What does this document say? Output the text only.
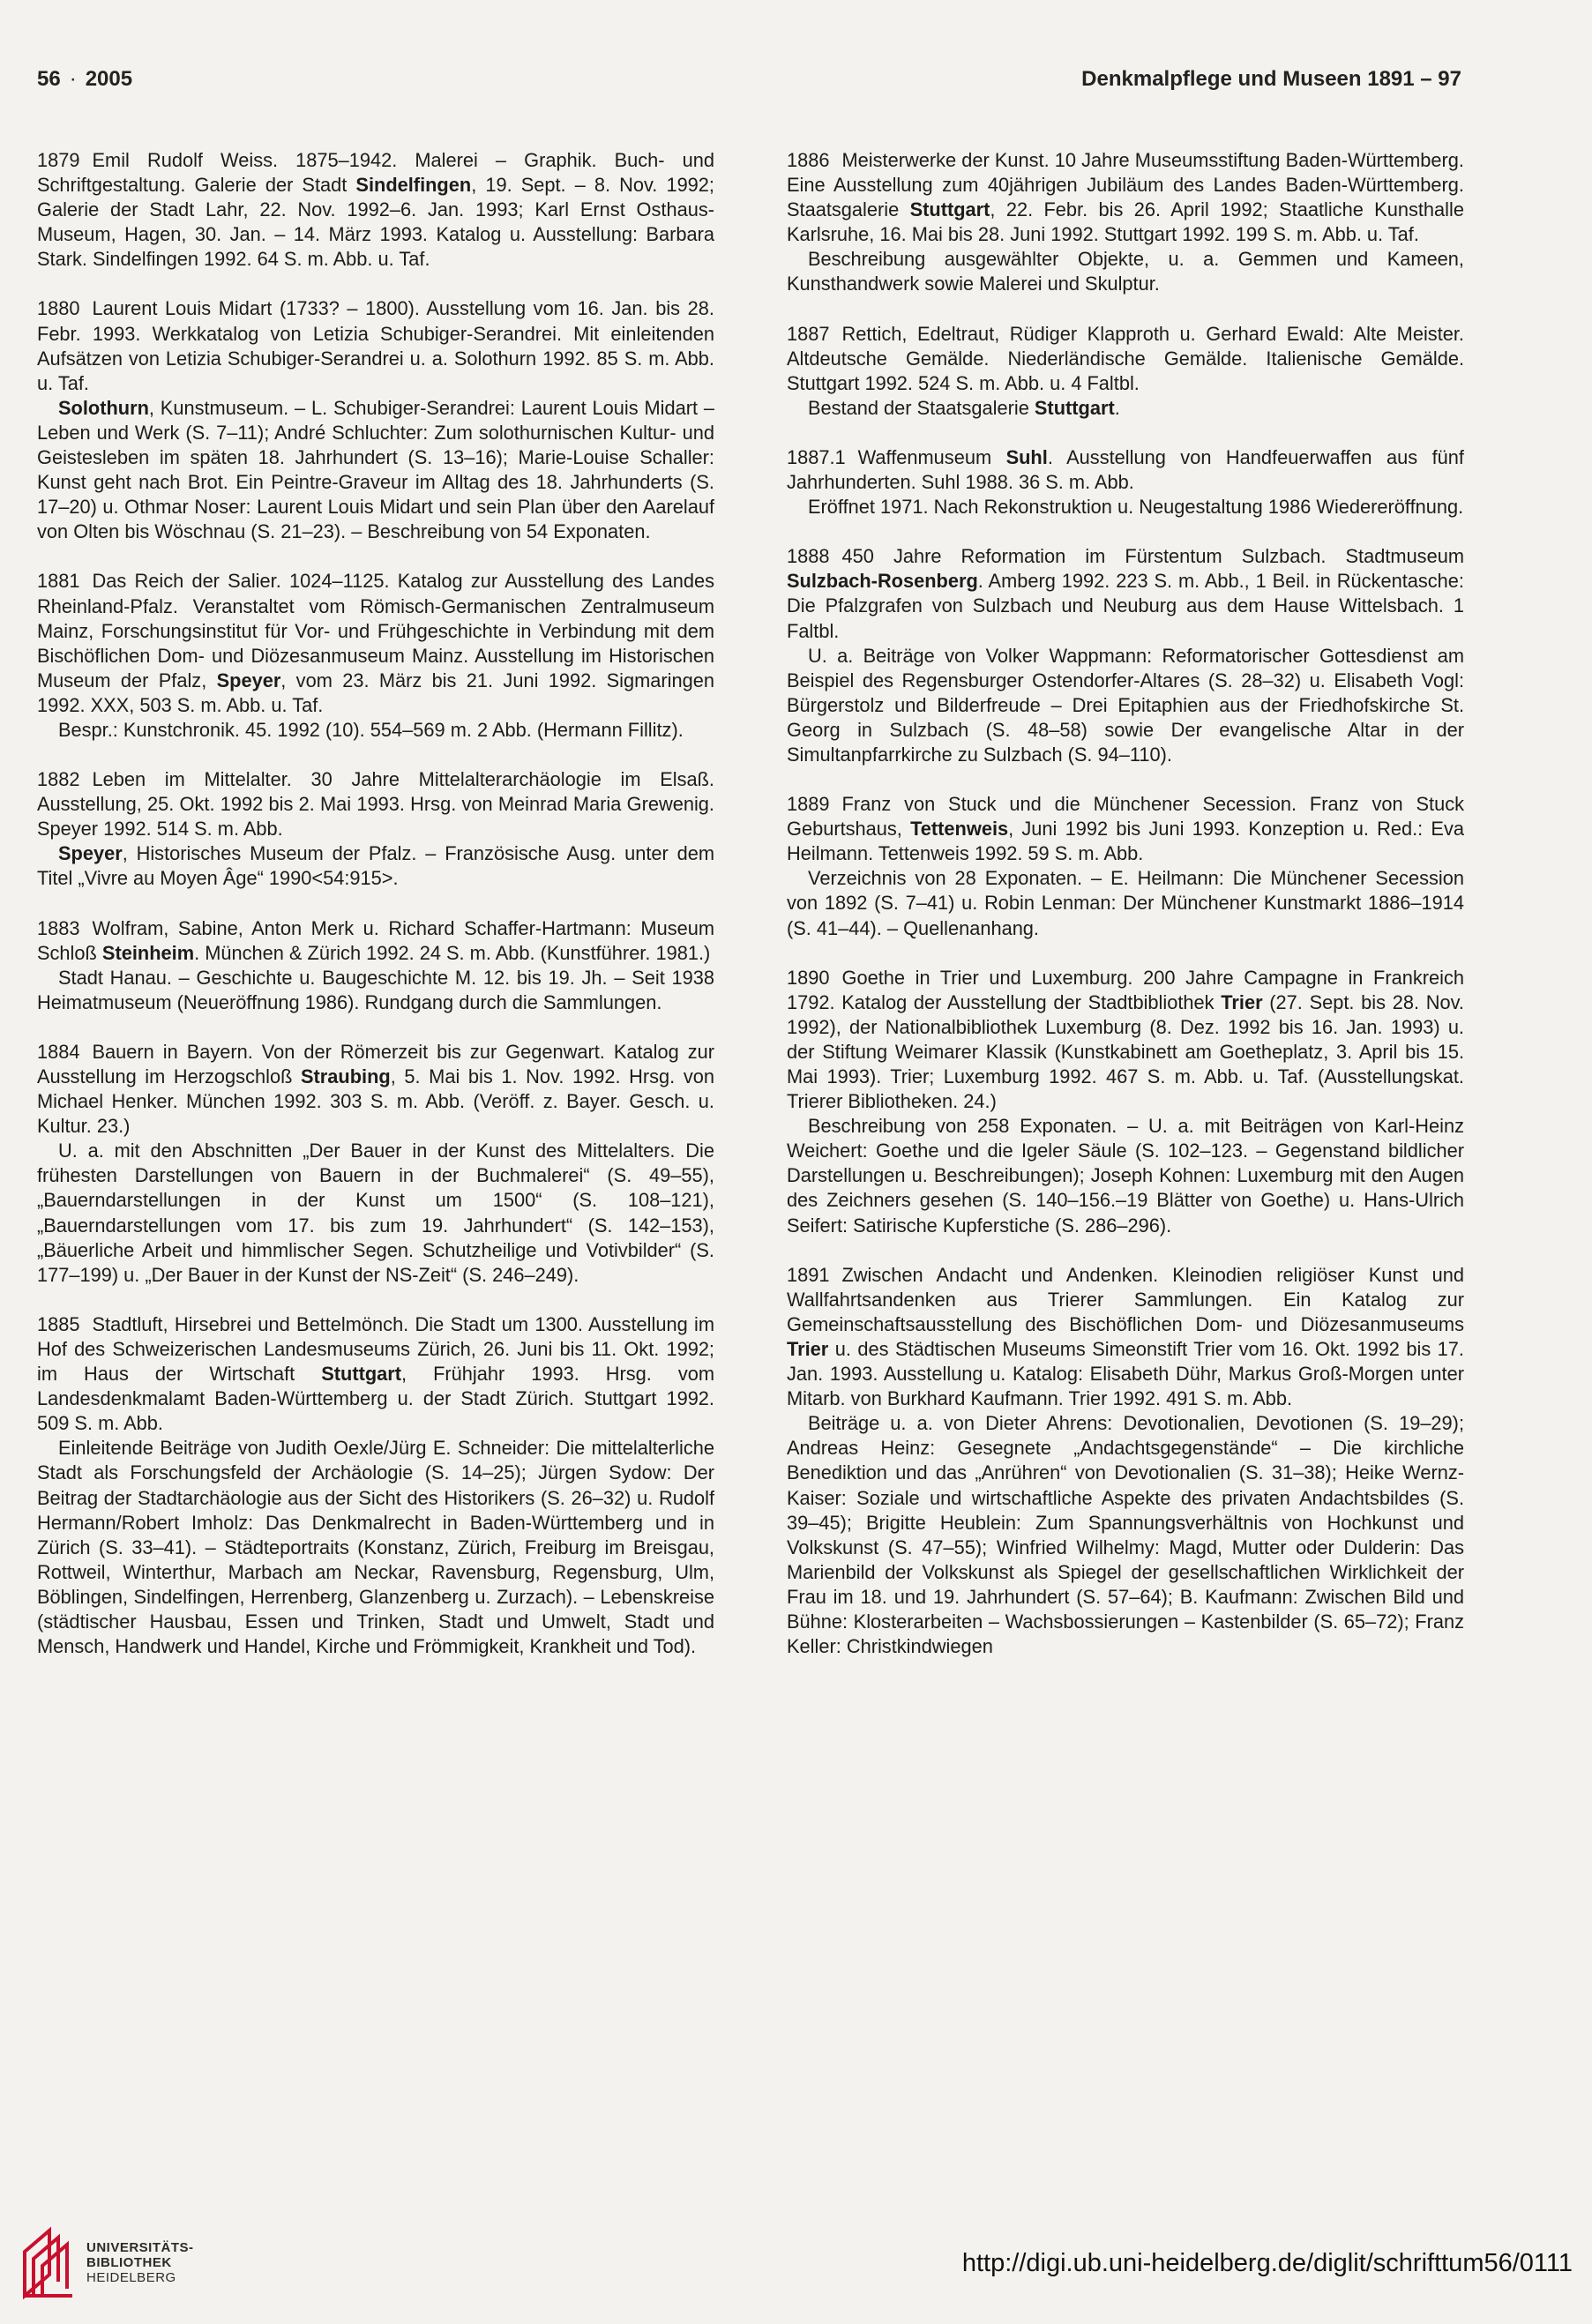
56 · 2005	Denkmalpflege und Museen 1891 – 97

1879 Emil Rudolf Weiss. 1875–1942. Malerei – Graphik. Buch- und Schriftgestaltung. Galerie der Stadt Sindelfingen, 19. Sept. – 8. Nov. 1992; Galerie der Stadt Lahr, 22. Nov. 1992–6. Jan. 1993; Karl Ernst Osthaus-Museum, Hagen, 30. Jan. – 14. März 1993. Katalog u. Ausstellung: Barbara Stark. Sindelfingen 1992. 64 S. m. Abb. u. Taf.

1880 Laurent Louis Midart (1733? – 1800). Ausstellung vom 16. Jan. bis 28. Febr. 1993. Werkkatalog von Letizia Schubiger-Serandrei. Mit einleitenden Aufsätzen von Letizia Schubiger-Serandrei u. a. Solothurn 1992. 85 S. m. Abb. u. Taf.

Solothurn, Kunstmuseum. – L. Schubiger-Serandrei: Laurent Louis Midart – Leben und Werk (S. 7–11); André Schluchter: Zum solothurnischen Kultur- und Geistesleben im späten 18. Jahrhundert (S. 13–16); Marie-Louise Schaller: Kunst geht nach Brot. Ein Peintre-Graveur im Alltag des 18. Jahrhunderts (S. 17–20) u. Othmar Noser: Laurent Louis Midart und sein Plan über den Aarelauf von Olten bis Wöschnau (S. 21–23). – Beschreibung von 54 Exponaten.

1881 Das Reich der Salier. 1024–1125. Katalog zur Ausstellung des Landes Rheinland-Pfalz. Veranstaltet vom Römisch-Germanischen Zentralmuseum Mainz, Forschungsinstitut für Vor- und Frühgeschichte in Verbindung mit dem Bischöflichen Dom- und Diözesanmuseum Mainz. Ausstellung im Historischen Museum der Pfalz, Speyer, vom 23. März bis 21. Juni 1992. Sigmaringen 1992. XXX, 503 S. m. Abb. u. Taf.

Bespr.: Kunstchronik. 45. 1992 (10). 554–569 m. 2 Abb. (Hermann Fillitz).

1882 Leben im Mittelalter. 30 Jahre Mittelalterarchäologie im Elsaß. Ausstellung, 25. Okt. 1992 bis 2. Mai 1993. Hrsg. von Meinrad Maria Grewenig. Speyer 1992. 514 S. m. Abb.

Speyer, Historisches Museum der Pfalz. – Französische Ausg. unter dem Titel „Vivre au Moyen Âge“ 1990<54:915>.

1883 Wolfram, Sabine, Anton Merk u. Richard Schaffer-Hartmann: Museum Schloß Steinheim. München & Zürich 1992. 24 S. m. Abb. (Kunstführer. 1981.)

Stadt Hanau. – Geschichte u. Baugeschichte M. 12. bis 19. Jh. – Seit 1938 Heimatmuseum (Neueröffnung 1986). Rundgang durch die Sammlungen.

1884 Bauern in Bayern. Von der Römerzeit bis zur Gegenwart. Katalog zur Ausstellung im Herzogschloß Straubing, 5. Mai bis 1. Nov. 1992. Hrsg. von Michael Henker. München 1992. 303 S. m. Abb. (Veröff. z. Bayer. Gesch. u. Kultur. 23.)

U. a. mit den Abschnitten „Der Bauer in der Kunst des Mittelalters. Die frühesten Darstellungen von Bauern in der Buchmalerei“ (S. 49–55), „Bauerndarstellungen in der Kunst um 1500“ (S. 108–121), „Bauerndarstellungen vom 17. bis zum 19. Jahrhundert“ (S. 142–153), „Bäuerliche Arbeit und himmlischer Segen. Schutzheilige und Votivbilder“ (S. 177–199) u. „Der Bauer in der Kunst der NS-Zeit“ (S. 246–249).

1885 Stadtluft, Hirsebrei und Bettelmönch. Die Stadt um 1300. Ausstellung im Hof des Schweizerischen Landesmuseums Zürich, 26. Juni bis 11. Okt. 1992; im Haus der Wirtschaft Stuttgart, Frühjahr 1993. Hrsg. vom Landesdenkmalamt Baden-Württemberg u. der Stadt Zürich. Stuttgart 1992. 509 S. m. Abb.

Einleitende Beiträge von Judith Oexle/Jürg E. Schneider: Die mittelalterliche Stadt als Forschungsfeld der Archäologie (S. 14–25); Jürgen Sydow: Der Beitrag der Stadtarchäologie aus der Sicht des Historikers (S. 26–32) u. Rudolf Hermann/Robert Imholz: Das Denkmalrecht in Baden-Württemberg und in Zürich (S. 33–41). – Städteportraits (Konstanz, Zürich, Freiburg im Breisgau, Rottweil, Winterthur, Marbach am Neckar, Ravensburg, Regensburg, Ulm, Böblingen, Sindelfingen, Herrenberg, Glanzenberg u. Zurzach). – Lebenskreise (städtischer Hausbau, Essen und Trinken, Stadt und Umwelt, Stadt und Mensch, Handwerk und Handel, Kirche und Frömmigkeit, Krankheit und Tod).

1886 Meisterwerke der Kunst. 10 Jahre Museumsstiftung Baden-Württemberg. Eine Ausstellung zum 40jährigen Jubiläum des Landes Baden-Württemberg. Staatsgalerie Stuttgart, 22. Febr. bis 26. April 1992; Staatliche Kunsthalle Karlsruhe, 16. Mai bis 28. Juni 1992. Stuttgart 1992. 199 S. m. Abb. u. Taf.

Beschreibung ausgewählter Objekte, u. a. Gemmen und Kameen, Kunsthandwerk sowie Malerei und Skulptur.

1887 Rettich, Edeltraut, Rüdiger Klapproth u. Gerhard Ewald: Alte Meister. Altdeutsche Gemälde. Niederländische Gemälde. Italienische Gemälde. Stuttgart 1992. 524 S. m. Abb. u. 4 Faltbl.

Bestand der Staatsgalerie Stuttgart.

1887.1 Waffenmuseum Suhl. Ausstellung von Handfeuerwaffen aus fünf Jahrhunderten. Suhl 1988. 36 S. m. Abb.

Eröffnet 1971. Nach Rekonstruktion u. Neugestaltung 1986 Wiedereröffnung.

1888 450 Jahre Reformation im Fürstentum Sulzbach. Stadtmuseum Sulzbach-Rosenberg. Amberg 1992. 223 S. m. Abb., 1 Beil. in Rückentasche: Die Pfalzgrafen von Sulzbach und Neuburg aus dem Hause Wittelsbach. 1 Faltbl.

U. a. Beiträge von Volker Wappmann: Reformatorischer Gottesdienst am Beispiel des Regensburger Ostendorfer-Altares (S. 28–32) u. Elisabeth Vogl: Bürgerstolz und Bilderfreude – Drei Epitaphien aus der Friedhofskirche St. Georg in Sulzbach (S. 48–58) sowie Der evangelische Altar in der Simultanpfarrkirche zu Sulzbach (S. 94–110).

1889 Franz von Stuck und die Münchener Secession. Franz von Stuck Geburtshaus, Tettenweis, Juni 1992 bis Juni 1993. Konzeption u. Red.: Eva Heilmann. Tettenweis 1992. 59 S. m. Abb.

Verzeichnis von 28 Exponaten. – E. Heilmann: Die Münchener Secession von 1892 (S. 7–41) u. Robin Lenman: Der Münchener Kunstmarkt 1886–1914 (S. 41–44). – Quellenanhang.

1890 Goethe in Trier und Luxemburg. 200 Jahre Campagne in Frankreich 1792. Katalog der Ausstellung der Stadtbibliothek Trier (27. Sept. bis 28. Nov. 1992), der Nationalbibliothek Luxemburg (8. Dez. 1992 bis 16. Jan. 1993) u. der Stiftung Weimarer Klassik (Kunstkabinett am Goetheplatz, 3. April bis 15. Mai 1993). Trier; Luxemburg 1992. 467 S. m. Abb. u. Taf. (Ausstellungskat. Trierer Bibliotheken. 24.)

Beschreibung von 258 Exponaten. – U. a. mit Beiträgen von Karl-Heinz Weichert: Goethe und die Igeler Säule (S. 102–123. – Gegenstand bildlicher Darstellungen u. Beschreibungen); Joseph Kohnen: Luxemburg mit den Augen des Zeichners gesehen (S. 140–156.–19 Blätter von Goethe) u. Hans-Ulrich Seifert: Satirische Kupferstiche (S. 286–296).

1891 Zwischen Andacht und Andenken. Kleinodien religiöser Kunst und Wallfahrtsandenken aus Trierer Sammlungen. Ein Katalog zur Gemeinschaftsausstellung des Bischöflichen Dom- und Diözesanmuseums Trier u. des Städtischen Museums Simeonstift Trier vom 16. Okt. 1992 bis 17. Jan. 1993. Ausstellung u. Katalog: Elisabeth Dühr, Markus Groß-Morgen unter Mitarb. von Burkhard Kaufmann. Trier 1992. 491 S. m. Abb.

Beiträge u. a. von Dieter Ahrens: Devotionalien, Devotionen (S. 19–29); Andreas Heinz: Gesegnete „Andachtsgegenstände“ – Die kirchliche Benediktion und das „Anrühren“ von Devotionalien (S. 31–38); Heike Wernz-Kaiser: Soziale und wirtschaftliche Aspekte des privaten Andachtsbildes (S. 39–45); Brigitte Heublein: Zum Spannungsverhältnis von Hochkunst und Volkskunst (S. 47–55); Winfried Wilhelmy: Magd, Mutter oder Dulderin: Das Marienbild der Volkskunst als Spiegel der gesellschaftlichen Wirklichkeit der Frau im 18. und 19. Jahrhundert (S. 57–64); B. Kaufmann: Zwischen Bild und Bühne: Klosterarbeiten – Wachsbossierungen – Kastenbilder (S. 65–72); Franz Keller: Christkindwiegen

UNIVERSITÄTS-
BIBLIOTHEK
HEIDELBERG	http://digi.ub.uni-heidelberg.de/diglit/schrifttum56/0111
